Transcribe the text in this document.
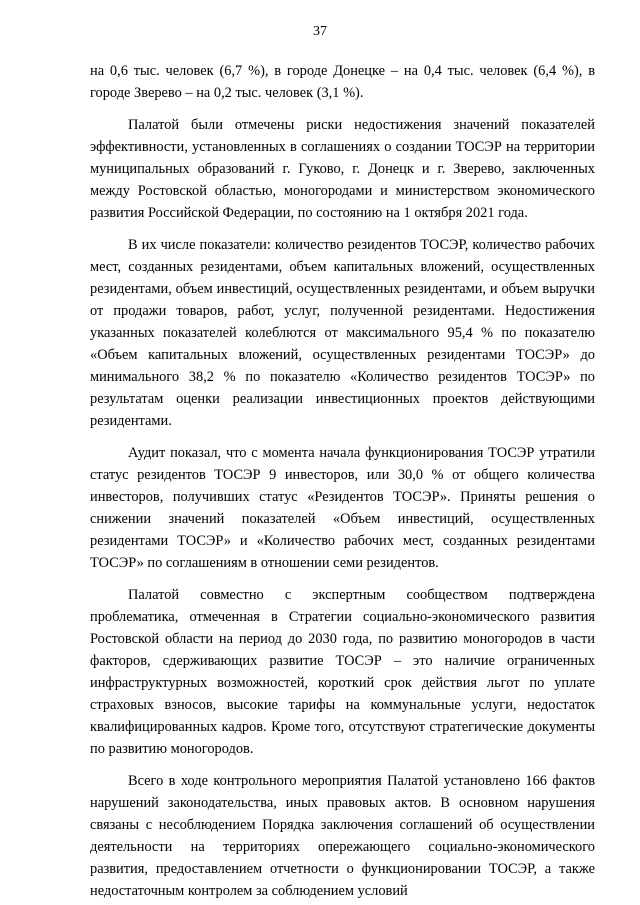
37

на 0,6 тыс. человек (6,7 %), в городе Донецке – на 0,4 тыс. человек (6,4 %), в городе Зверево – на 0,2 тыс. человек (3,1 %).

Палатой были отмечены риски недостижения значений показателей эффективности, установленных в соглашениях о создании ТОСЭР на территории муниципальных образований г. Гуково, г. Донецк и г. Зверево, заключенных между Ростовской областью, моногородами и министерством экономического развития Российской Федерации, по состоянию на 1 октября 2021 года.

В их числе показатели: количество резидентов ТОСЭР, количество рабочих мест, созданных резидентами, объем капитальных вложений, осуществленных резидентами, объем инвестиций, осуществленных резидентами, и объем выручки от продажи товаров, работ, услуг, полученной резидентами. Недостижения указанных показателей колеблются от максимального 95,4 % по показателю «Объем капитальных вложений, осуществленных резидентами ТОСЭР» до минимального 38,2 % по показателю «Количество резидентов ТОСЭР» по результатам оценки реализации инвестиционных проектов действующими резидентами.

Аудит показал, что с момента начала функционирования ТОСЭР утратили статус резидентов ТОСЭР 9 инвесторов, или 30,0 % от общего количества инвесторов, получивших статус «Резидентов ТОСЭР». Приняты решения о снижении значений показателей «Объем инвестиций, осуществленных резидентами ТОСЭР» и «Количество рабочих мест, созданных резидентами ТОСЭР» по соглашениям в отношении семи резидентов.

Палатой совместно с экспертным сообществом подтверждена проблематика, отмеченная в Стратегии социально-экономического развития Ростовской области на период до 2030 года, по развитию моногородов в части факторов, сдерживающих развитие ТОСЭР – это наличие ограниченных инфраструктурных возможностей, короткий срок действия льгот по уплате страховых взносов, высокие тарифы на коммунальные услуги, недостаток квалифицированных кадров. Кроме того, отсутствуют стратегические документы по развитию моногородов.

Всего в ходе контрольного мероприятия Палатой установлено 166 фактов нарушений законодательства, иных правовых актов. В основном нарушения связаны с несоблюдением Порядка заключения соглашений об осуществлении деятельности на территориях опережающего социально-экономического развития, предоставлением отчетности о функционировании ТОСЭР, а также недостаточным контролем за соблюдением условий
